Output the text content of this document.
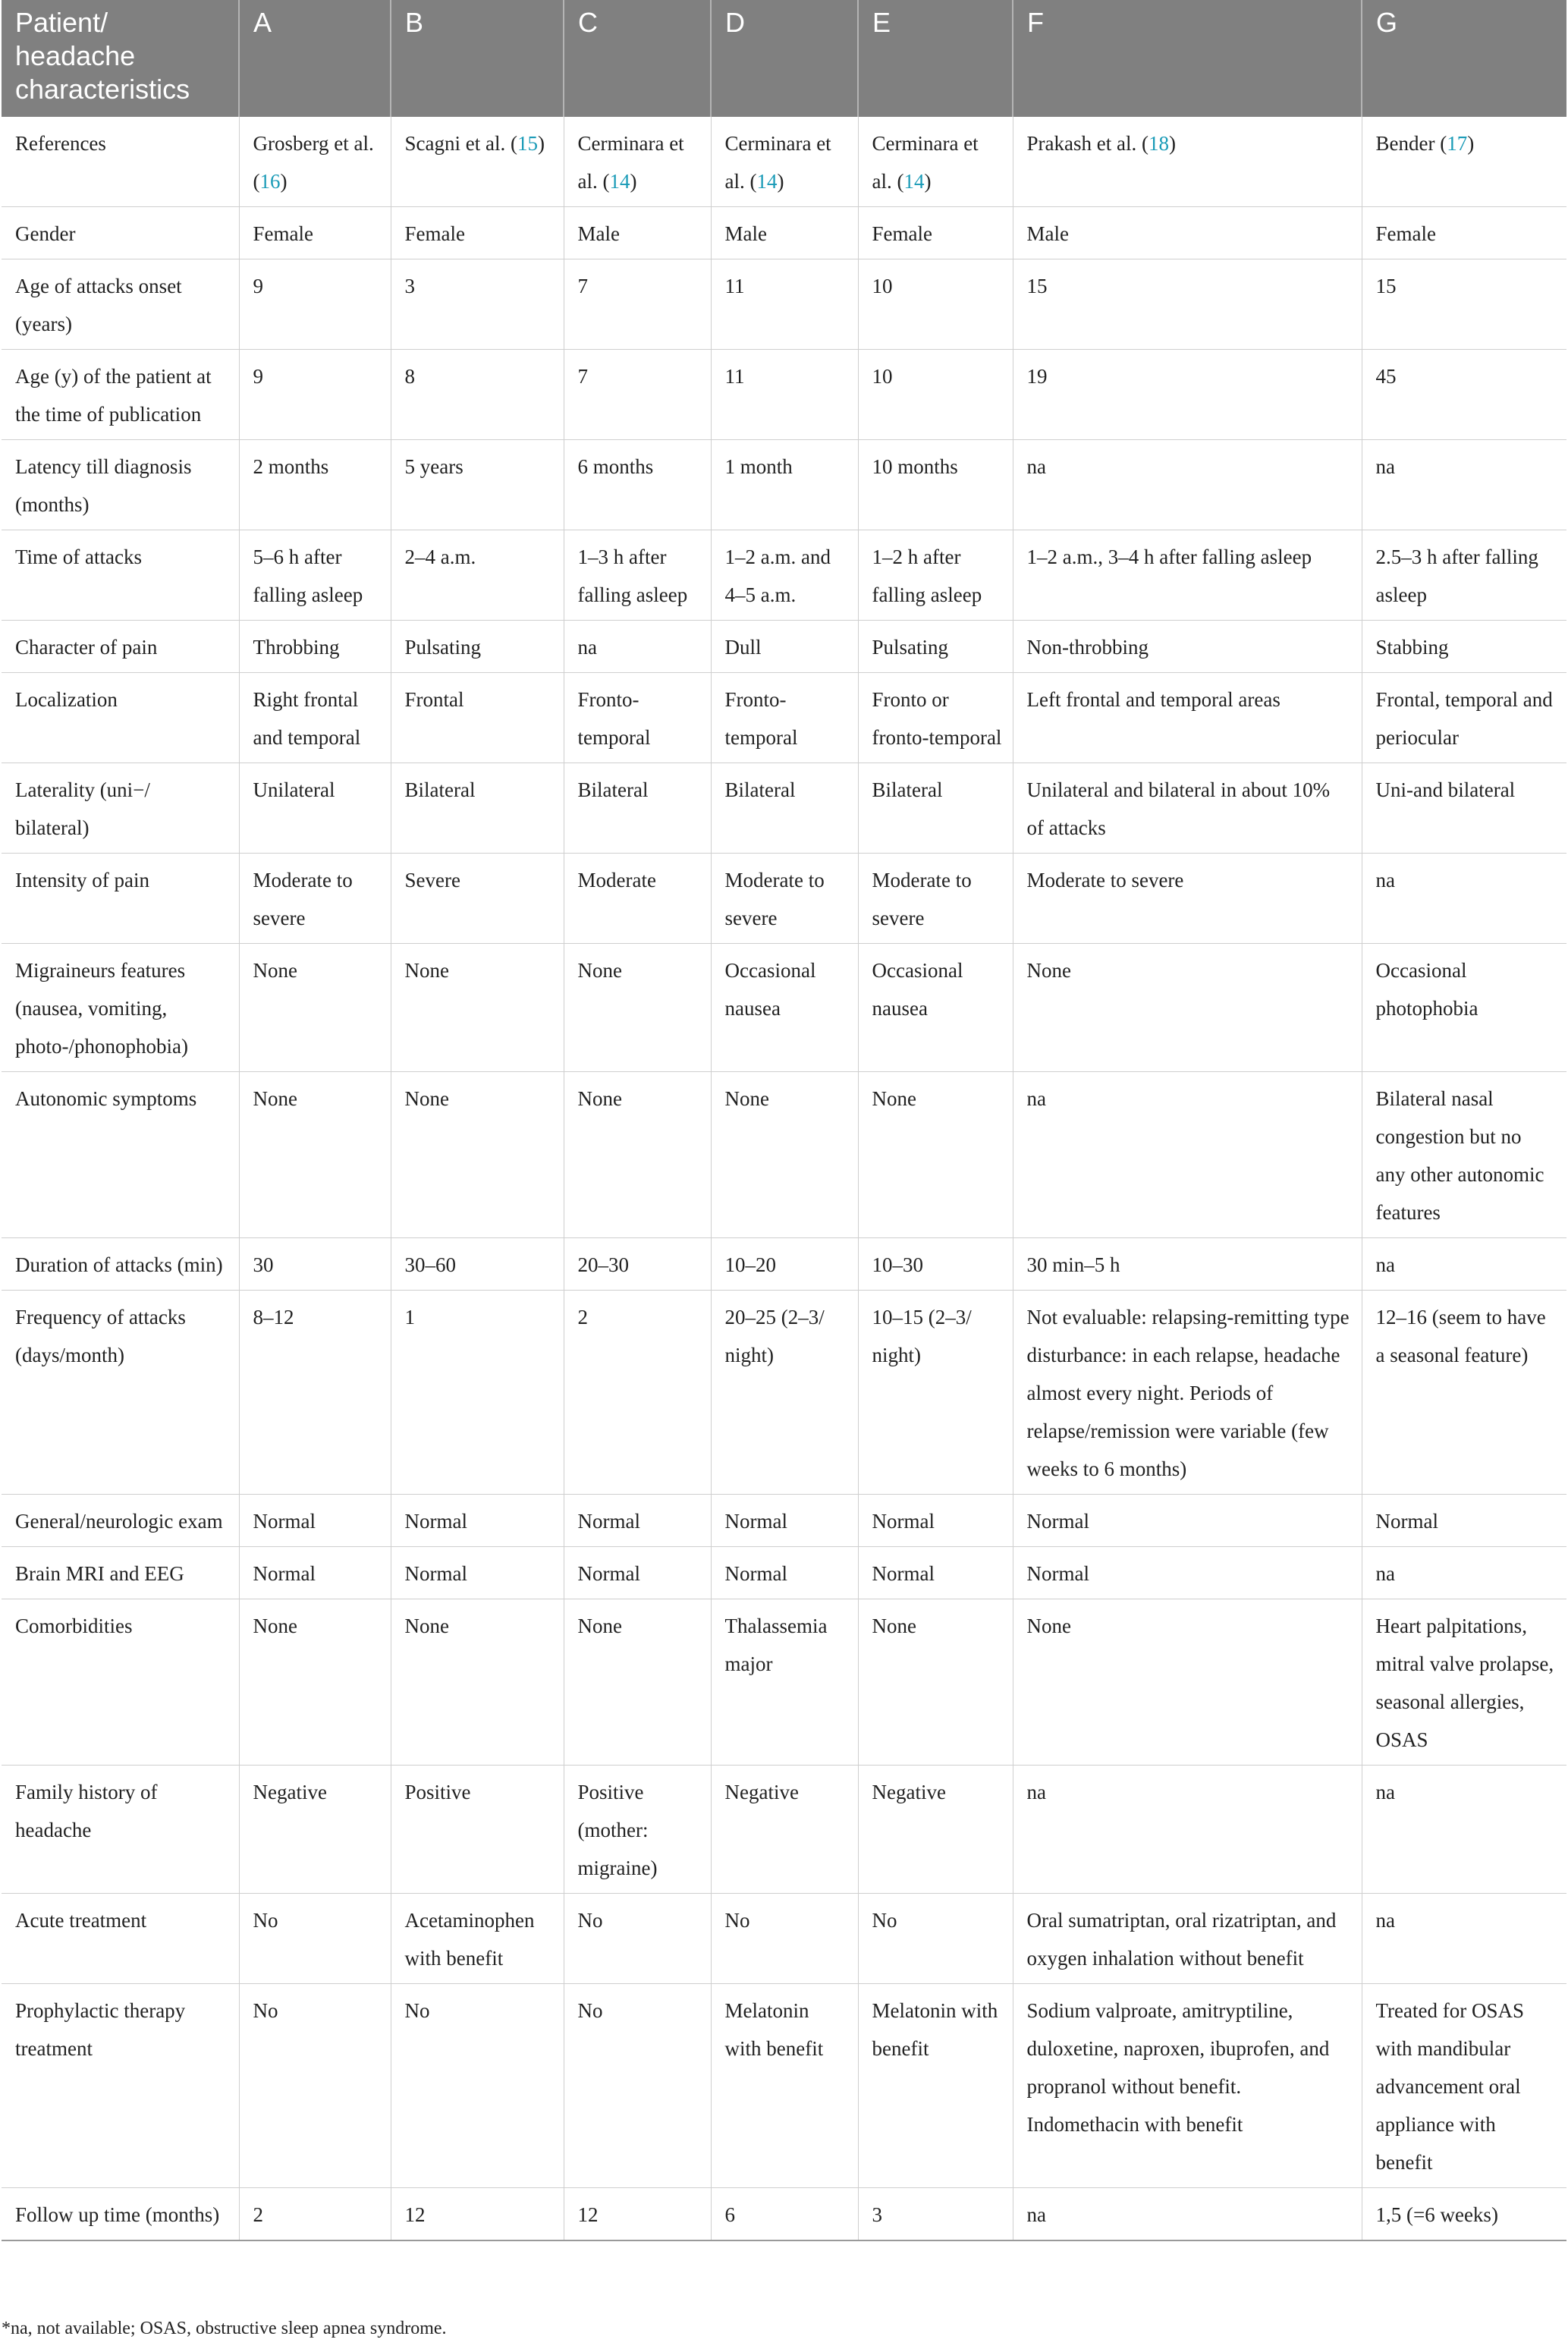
Patient/ headache characteristics	A	B	C	D	E	F	G
References	Grosberg et al. (16)	Scagni et al. (15)	Cerminara et al. (14)	Cerminara et al. (14)	Cerminara et al. (14)	Prakash et al. (18)	Bender (17)
Gender	Female	Female	Male	Male	Female	Male	Female
Age of attacks onset (years)	9	3	7	11	10	15	15
Age (y) of the patient at the time of publication	9	8	7	11	10	19	45
Latency till diagnosis (months)	2 months	5 years	6 months	1 month	10 months	na	na
Time of attacks	5–6 h after falling asleep	2–4 a.m.	1–3 h after falling asleep	1–2 a.m. and 4–5 a.m.	1–2 h after falling asleep	1–2 a.m., 3–4 h after falling asleep	2.5–3 h after falling asleep
Character of pain	Throbbing	Pulsating	na	Dull	Pulsating	Non-throbbing	Stabbing
Localization	Right frontal and temporal	Frontal	Fronto-temporal	Fronto-temporal	Fronto or fronto-temporal	Left frontal and temporal areas	Frontal, temporal and periocular
Laterality (uni−/ bilateral)	Unilateral	Bilateral	Bilateral	Bilateral	Bilateral	Unilateral and bilateral in about 10% of attacks	Uni-and bilateral
Intensity of pain	Moderate to severe	Severe	Moderate	Moderate to severe	Moderate to severe	Moderate to severe	na
Migraineurs features (nausea, vomiting, photo-/phonophobia)	None	None	None	Occasional nausea	Occasional nausea	None	Occasional photophobia
Autonomic symptoms	None	None	None	None	None	na	Bilateral nasal congestion but no any other autonomic features
Duration of attacks (min)	30	30–60	20–30	10–20	10–30	30 min–5 h	na
Frequency of attacks (days/month)	8–12	1	2	20–25 (2–3/ night)	10–15 (2–3/ night)	Not evaluable: relapsing-remitting type disturbance: in each relapse, headache almost every night. Periods of relapse/remission were variable (few weeks to 6 months)	12–16 (seem to have a seasonal feature)
General/neurologic exam	Normal	Normal	Normal	Normal	Normal	Normal	Normal
Brain MRI and EEG	Normal	Normal	Normal	Normal	Normal	Normal	na
Comorbidities	None	None	None	Thalassemia major	None	None	Heart palpitations, mitral valve prolapse, seasonal allergies, OSAS
Family history of headache	Negative	Positive	Positive (mother: migraine)	Negative	Negative	na	na
Acute treatment	No	Acetaminophen with benefit	No	No	No	Oral sumatriptan, oral rizatriptan, and oxygen inhalation without benefit	na
Prophylactic therapy treatment	No	No	No	Melatonin with benefit	Melatonin with benefit	Sodium valproate, amitryptiline, duloxetine, naproxen, ibuprofen, and propranol without benefit. Indomethacin with benefit	Treated for OSAS with mandibular advancement oral appliance with benefit
Follow up time (months)	2	12	12	6	3	na	1,5 (=6 weeks)
*na, not available; OSAS, obstructive sleep apnea syndrome.
